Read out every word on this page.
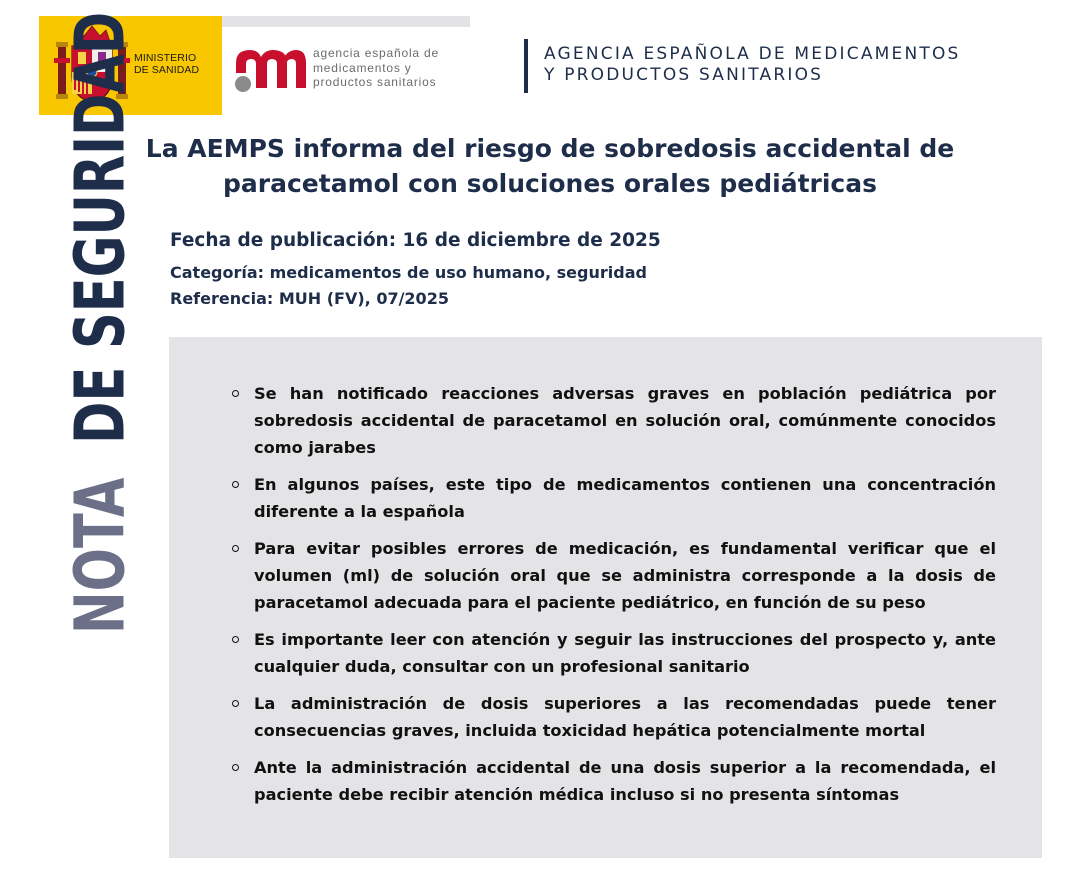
MINISTERIO
DE SANIDAD
agencia española de
medicamentos y
productos sanitarios
AGENCIA ESPAÑOLA DE MEDICAMENTOS
Y PRODUCTOS SANITARIOS
La AEMPS informa del riesgo de sobredosis accidental de
paracetamol con soluciones orales pediátricas
NOTA DE SEGURIDAD Fecha de publicación: 16 de diciembre de 2025
Categoría: medicamentos de uso humano, seguridad
Referencia: MUH (FV), 07/2025
Se han notificado reacciones adversas graves en población pediátrica por sobredosis accidental de paracetamol en solución oral, comúnmente conocidos como jarabes
En algunos países, este tipo de medicamentos contienen una concentración diferente a la española
Para evitar posibles errores de medicación, es fundamental verificar que el volumen (ml) de solución oral que se administra corresponde a la dosis de paracetamol adecuada para el paciente pediátrico, en función de su peso
Es importante leer con atención y seguir las instrucciones del prospecto y, ante cualquier duda, consultar con un profesional sanitario
La administración de dosis superiores a las recomendadas puede tener consecuencias graves, incluida toxicidad hepática potencialmente mortal
Ante la administración accidental de una dosis superior a la recomendada, el paciente debe recibir atención médica incluso si no presenta síntomas
